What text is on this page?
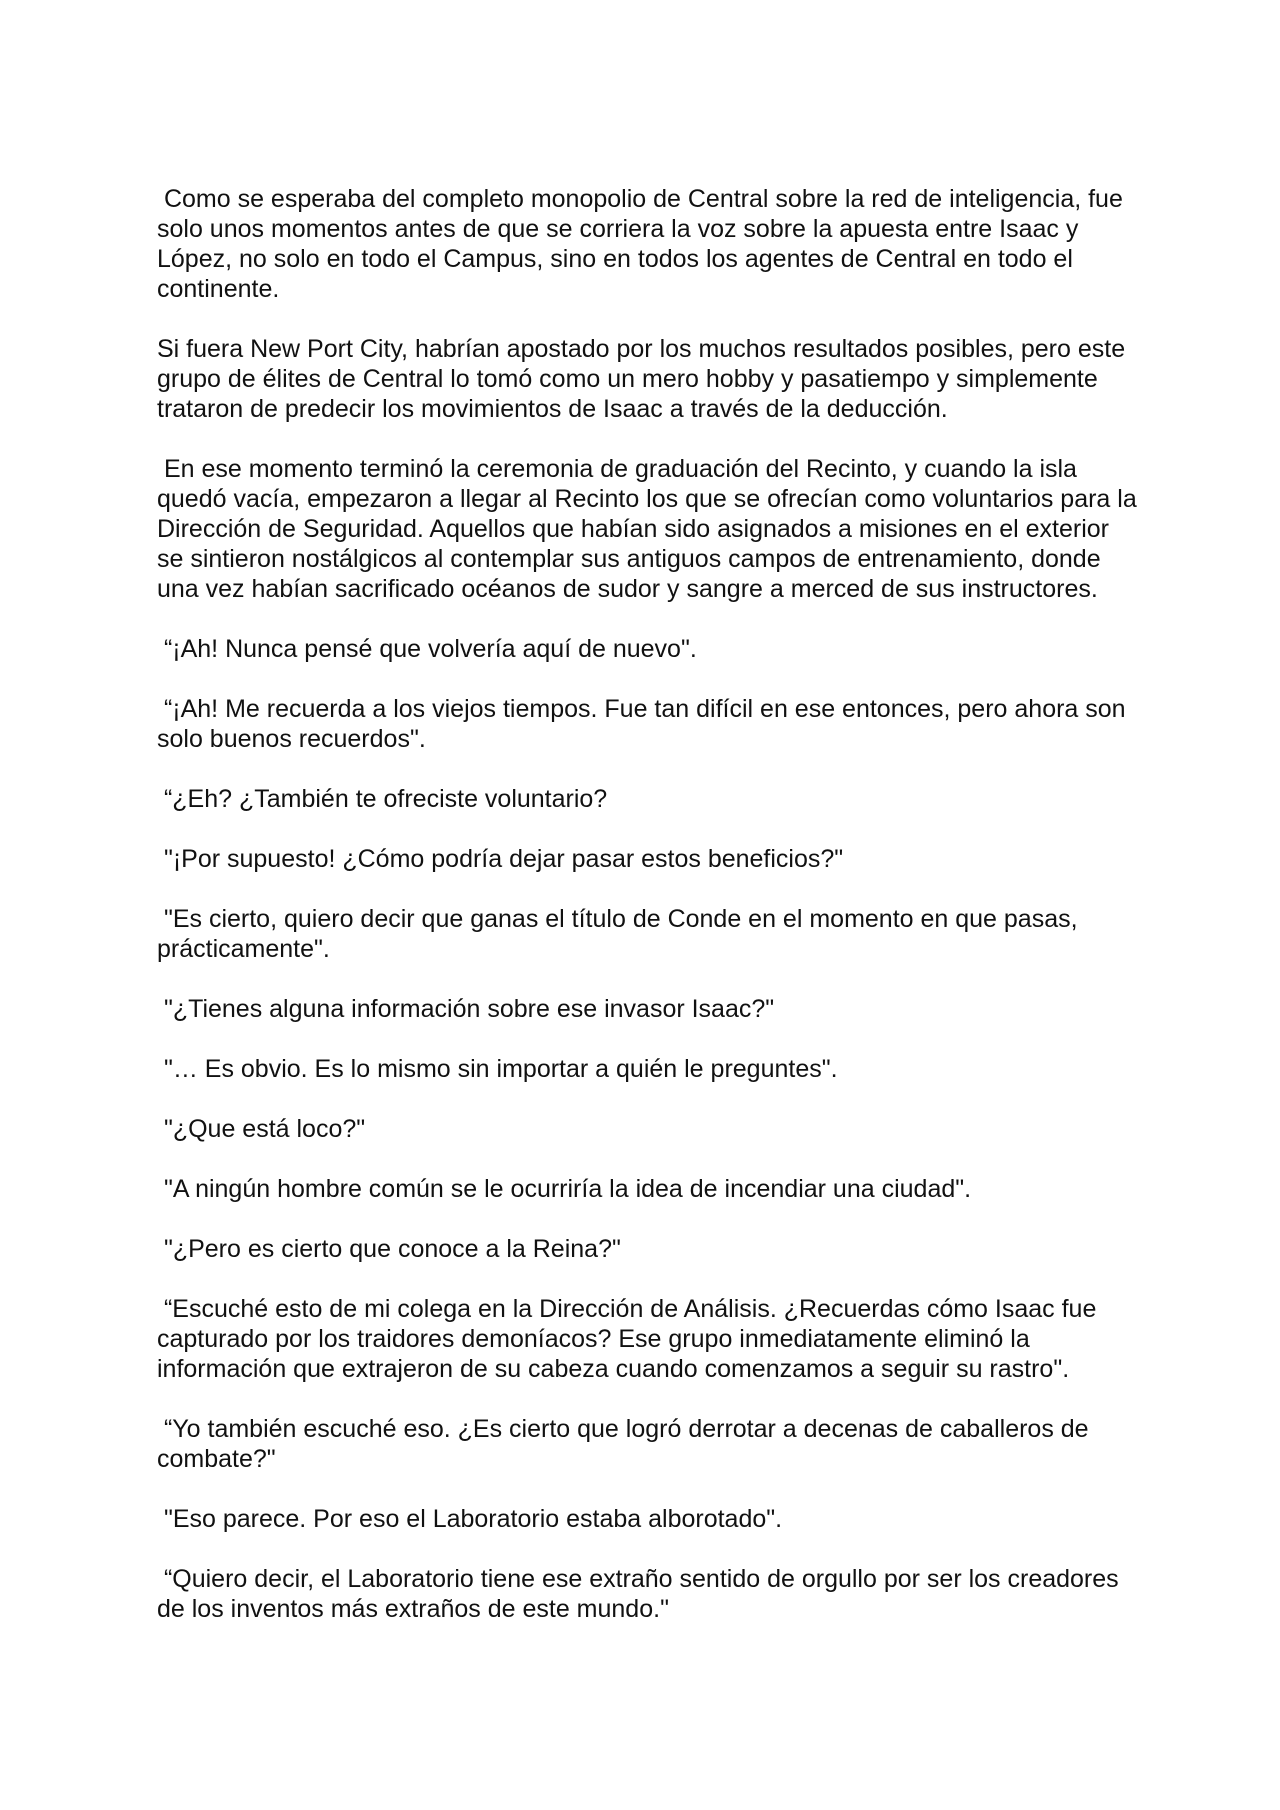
Como se esperaba del completo monopolio de Central sobre la red de inteligencia, fue solo unos momentos antes de que se corriera la voz sobre la apuesta entre Isaac y López, no solo en todo el Campus, sino en todos los agentes de Central en todo el continente.

Si fuera New Port City, habrían apostado por los muchos resultados posibles, pero este grupo de élites de Central lo tomó como un mero hobby y pasatiempo y simplemente trataron de predecir los movimientos de Isaac a través de la deducción.

En ese momento terminó la ceremonia de graduación del Recinto, y cuando la isla quedó vacía, empezaron a llegar al Recinto los que se ofrecían como voluntarios para la Dirección de Seguridad. Aquellos que habían sido asignados a misiones en el exterior se sintieron nostálgicos al contemplar sus antiguos campos de entrenamiento, donde una vez habían sacrificado océanos de sudor y sangre a merced de sus instructores.

“¡Ah! Nunca pensé que volvería aquí de nuevo".

“¡Ah! Me recuerda a los viejos tiempos. Fue tan difícil en ese entonces, pero ahora son solo buenos recuerdos".

“¿Eh? ¿También te ofreciste voluntario?

"¡Por supuesto! ¿Cómo podría dejar pasar estos beneficios?"

"Es cierto, quiero decir que ganas el título de Conde en el momento en que pasas, prácticamente".

"¿Tienes alguna información sobre ese invasor Isaac?"

"… Es obvio. Es lo mismo sin importar a quién le preguntes".

"¿Que está loco?"

"A ningún hombre común se le ocurriría la idea de incendiar una ciudad".

"¿Pero es cierto que conoce a la Reina?"

“Escuché esto de mi colega en la Dirección de Análisis. ¿Recuerdas cómo Isaac fue capturado por los traidores demoníacos? Ese grupo inmediatamente eliminó la información que extrajeron de su cabeza cuando comenzamos a seguir su rastro".

“Yo también escuché eso. ¿Es cierto que logró derrotar a decenas de caballeros de combate?"

"Eso parece. Por eso el Laboratorio estaba alborotado".

“Quiero decir, el Laboratorio tiene ese extraño sentido de orgullo por ser los creadores de los inventos más extraños de este mundo."
